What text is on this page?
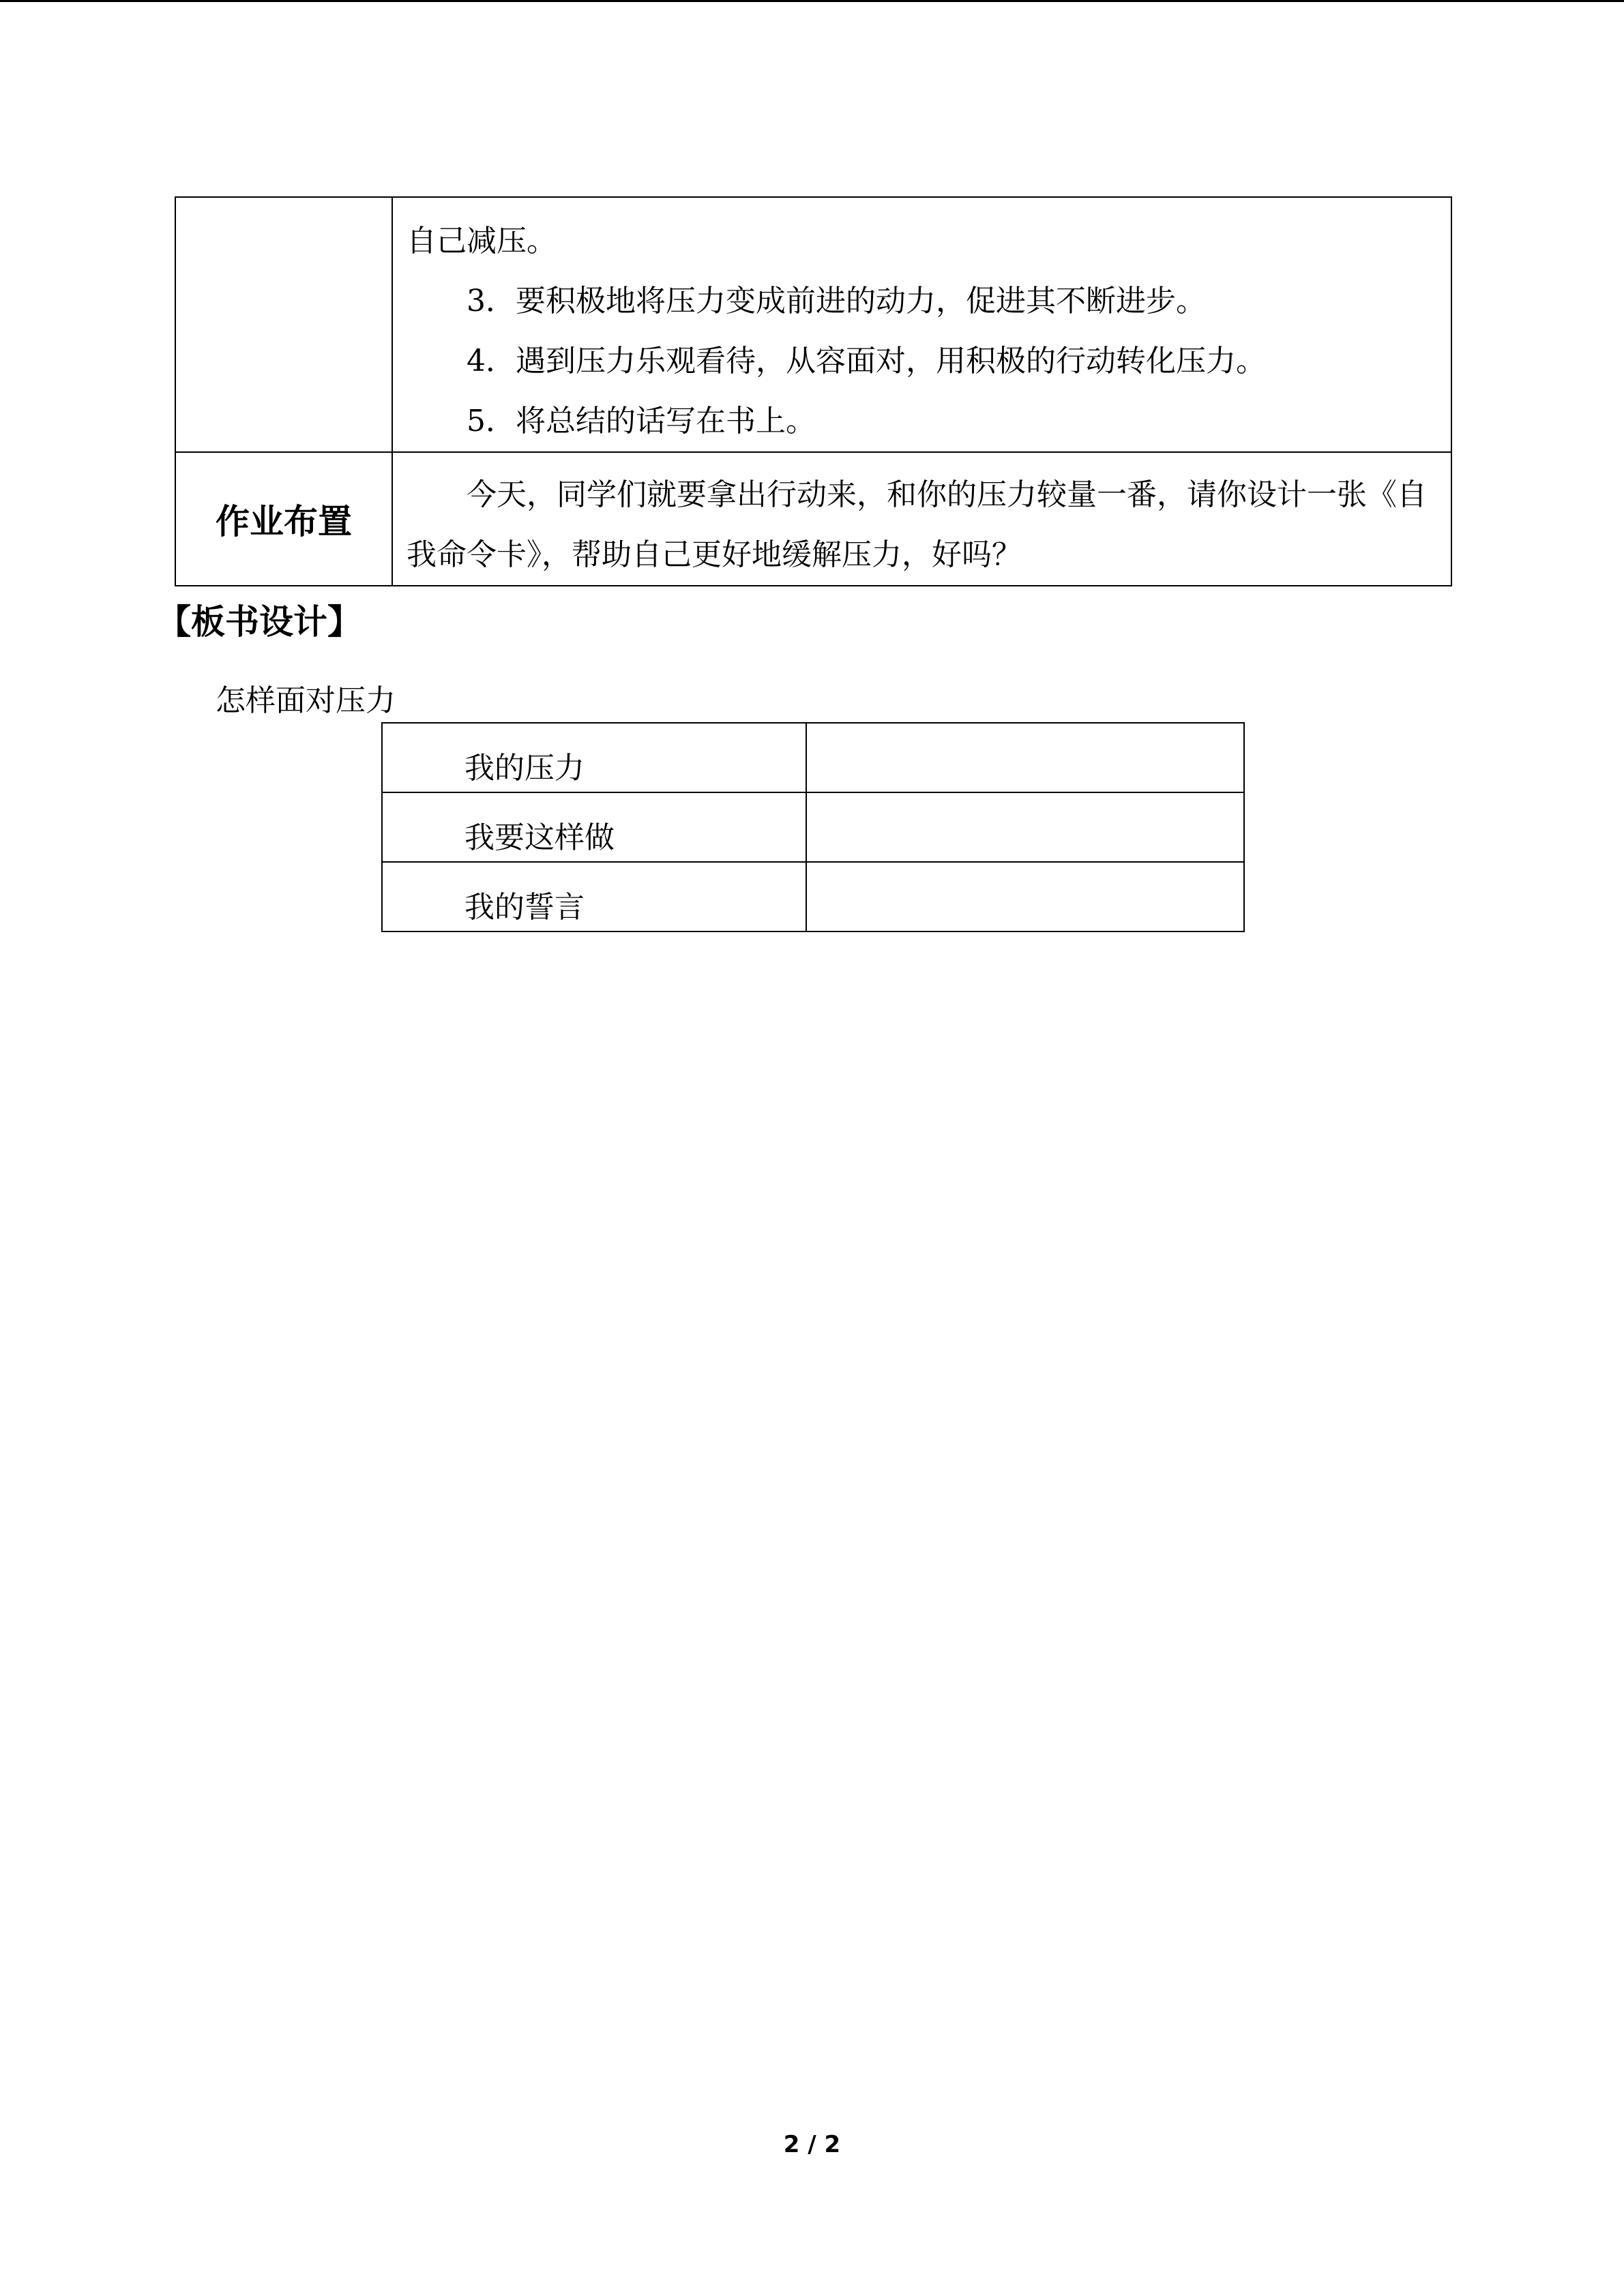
	自己减压。
3．要积极地将压力变成前进的动力，促进其不断进步。
4．遇到压力乐观看待，从容面对，用积极的行动转化压力。
5．将总结的话写在书上。

作业布置	今天，同学们就要拿出行动来，和你的压力较量一番，请你设计一张《自我命令卡》，帮助自己更好地缓解压力，好吗？

【板书设计】
怎样面对压力
我的压力	
我要这样做	
我的誓言	
2 / 2
